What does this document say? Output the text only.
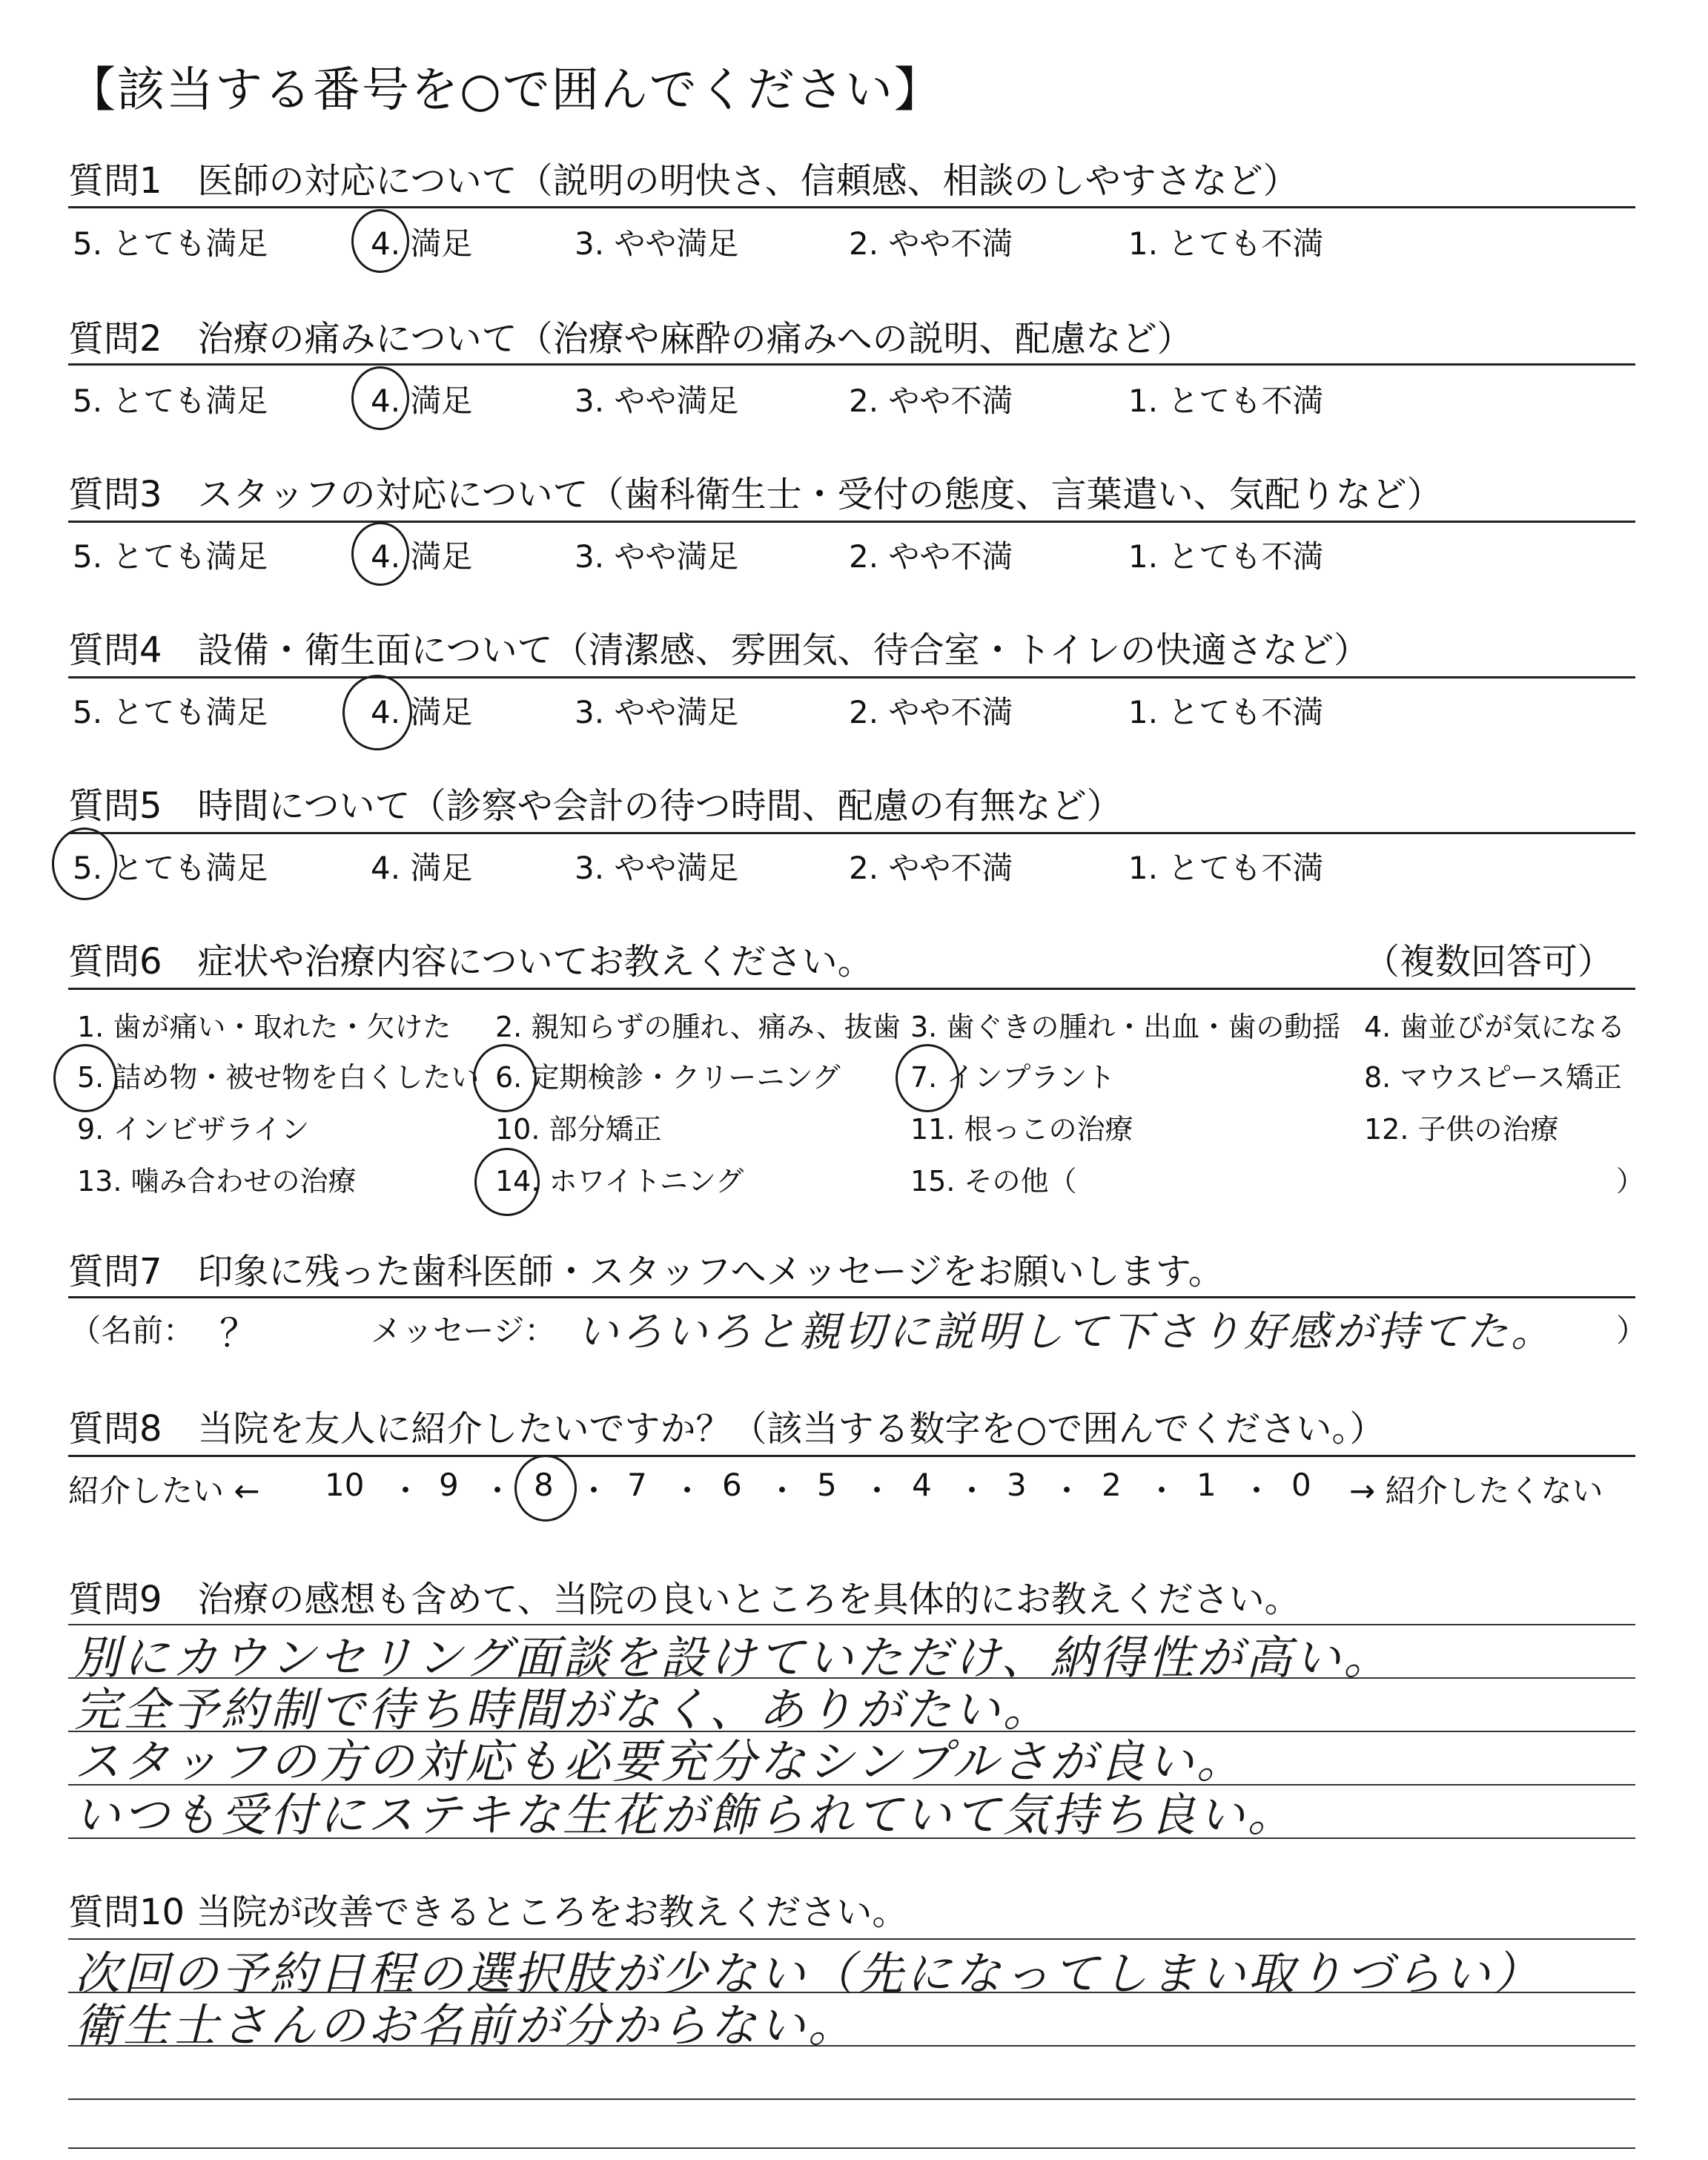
【該当する番号を○で囲んでください】
質問1　医師の対応について（説明の明快さ、信頼感、相談のしやすさなど）
5. とても満足	4. 満足	3. やや満足	2. やや不満	1. とても不満
質問2　治療の痛みについて（治療や麻酔の痛みへの説明、配慮など）
5. とても満足	4. 満足	3. やや満足	2. やや不満	1. とても不満
質問3　スタッフの対応について（歯科衛生士・受付の態度、言葉遣い、気配りなど）
5. とても満足	4. 満足	3. やや満足	2. やや不満	1. とても不満
質問4　設備・衛生面について（清潔感、雰囲気、待合室・トイレの快適さなど）
5. とても満足	4. 満足	3. やや満足	2. やや不満	1. とても不満
質問5　時間について（診察や会計の待つ時間、配慮の有無など）
5. とても満足	4. 満足	3. やや満足	2. やや不満	1. とても不満
質問6　症状や治療内容についてお教えください。	（複数回答可）
1. 歯が痛い・取れた・欠けた 2. 親知らずの腫れ、痛み、抜歯 3. 歯ぐきの腫れ・出血・歯の動揺 4. 歯並びが気になる
5. 詰め物・被せ物を白くしたい 6. 定期検診・クリーニング 7. インプラント	8. マウスピース矯正
9. インビザライン	10. 部分矯正	11. 根っこの治療	12. 子供の治療
13. 噛み合わせの治療	14. ホワイトニング	15. その他（	）
質問7　印象に残った歯科医師・スタッフへメッセージをお願いします。
（名前： ？	メッセージ： いろいろと親切に説明して下さり好感が持てた。 ）
質問8　当院を友人に紹介したいですか？（該当する数字を○で囲んでください。）
紹介したい ← 10 ・ 9 ・ 8 ・ 7 ・ 6 ・ 5 ・ 4 ・ 3 ・ 2 ・ 1 ・ 0 → 紹介したくない
質問9　治療の感想も含めて、当院の良いところを具体的にお教えください。
別にカウンセリング面談を設けていただけ、納得性が高い。
完全予約制で待ち時間がなく、ありがたい。
スタッフの方の対応も必要充分なシンプルさが良い。
いつも受付にステキな生花が飾られていて気持ち良い。
質問10 当院が改善できるところをお教えください。
次回の予約日程の選択肢が少ない（先になってしまい取りづらい）
衛生士さんのお名前が分からない。
